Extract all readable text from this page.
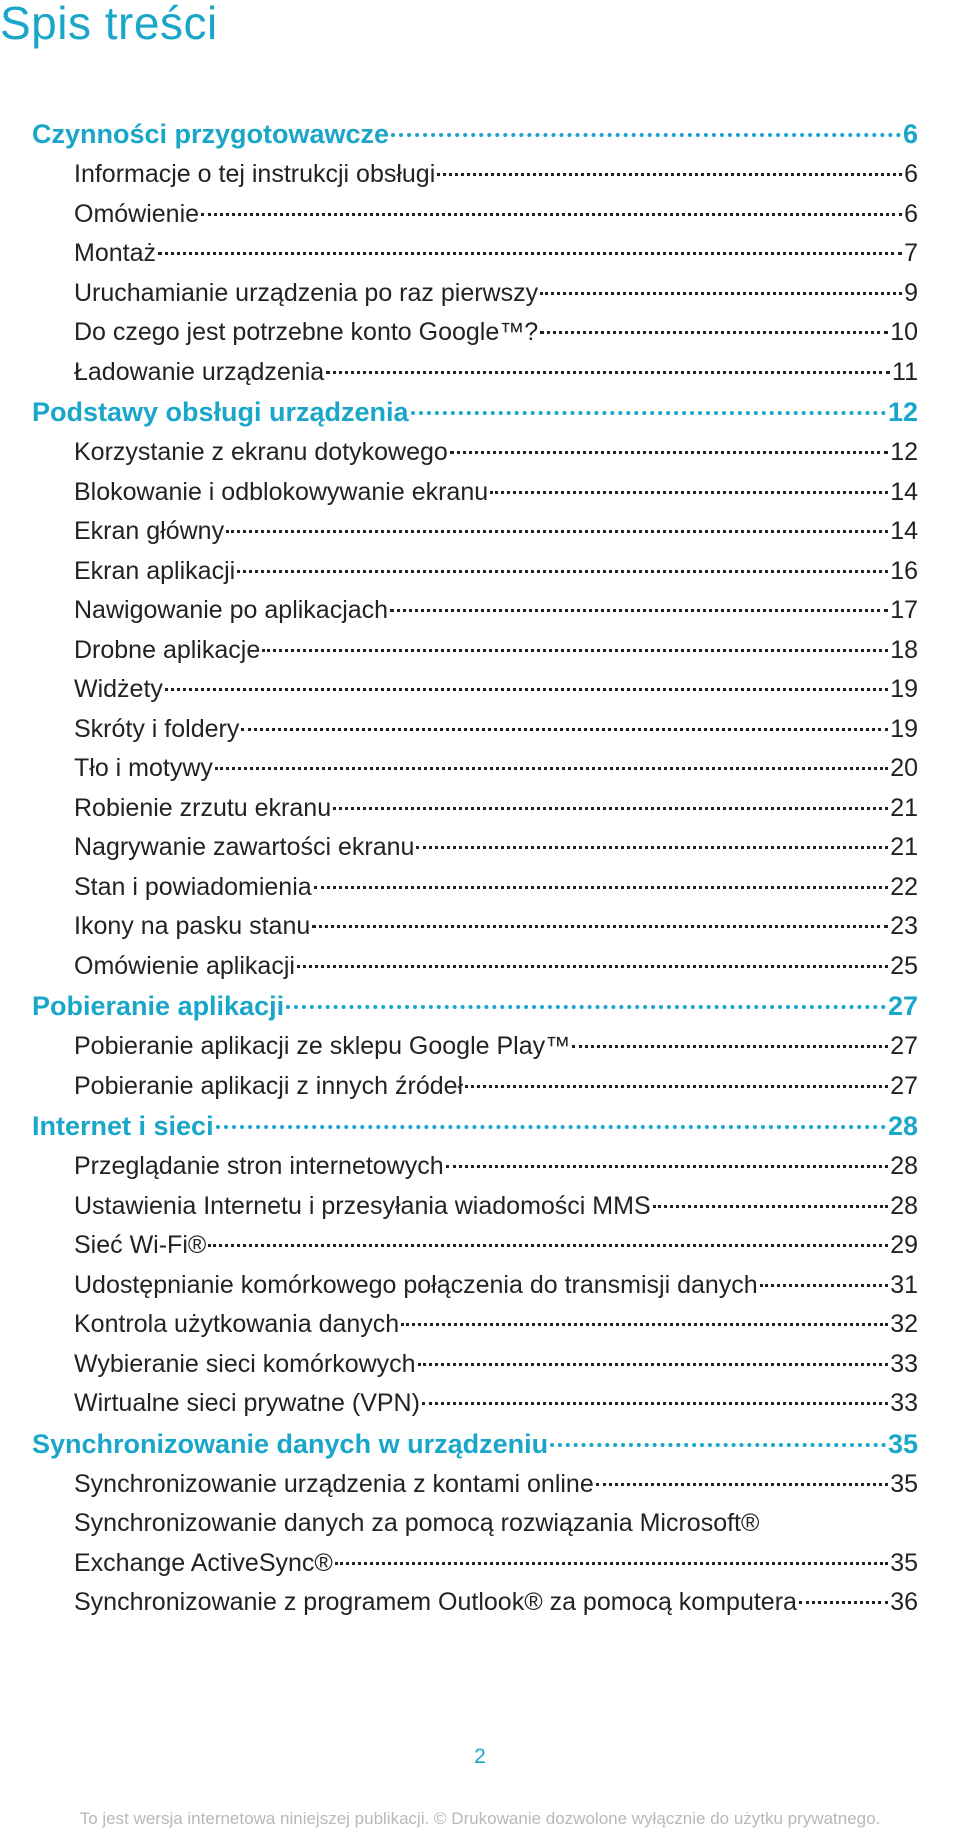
Spis treści
Czynności przygotowawcze	6
Informacje o tej instrukcji obsługi	6
Omówienie	6
Montaż	7
Uruchamianie urządzenia po raz pierwszy	9
Do czego jest potrzebne konto Google™?	10
Ładowanie urządzenia	11
Podstawy obsługi urządzenia	12
Korzystanie z ekranu dotykowego	12
Blokowanie i odblokowywanie ekranu	14
Ekran główny	14
Ekran aplikacji	16
Nawigowanie po aplikacjach	17
Drobne aplikacje	18
Widżety	19
Skróty i foldery	19
Tło i motywy	20
Robienie zrzutu ekranu	21
Nagrywanie zawartości ekranu	21
Stan i powiadomienia	22
Ikony na pasku stanu	23
Omówienie aplikacji	25
Pobieranie aplikacji	27
Pobieranie aplikacji ze sklepu Google Play™	27
Pobieranie aplikacji z innych źródeł	27
Internet i sieci	28
Przeglądanie stron internetowych	28
Ustawienia Internetu i przesyłania wiadomości MMS	28
Sieć Wi-Fi®	29
Udostępnianie komórkowego połączenia do transmisji danych	31
Kontrola użytkowania danych	32
Wybieranie sieci komórkowych	33
Wirtualne sieci prywatne (VPN)	33
Synchronizowanie danych w urządzeniu	35
Synchronizowanie urządzenia z kontami online	35
Synchronizowanie danych za pomocą rozwiązania Microsoft®
Exchange ActiveSync®	35
Synchronizowanie z programem Outlook® za pomocą komputera	36
2
To jest wersja internetowa niniejszej publikacji. © Drukowanie dozwolone wyłącznie do użytku prywatnego.
